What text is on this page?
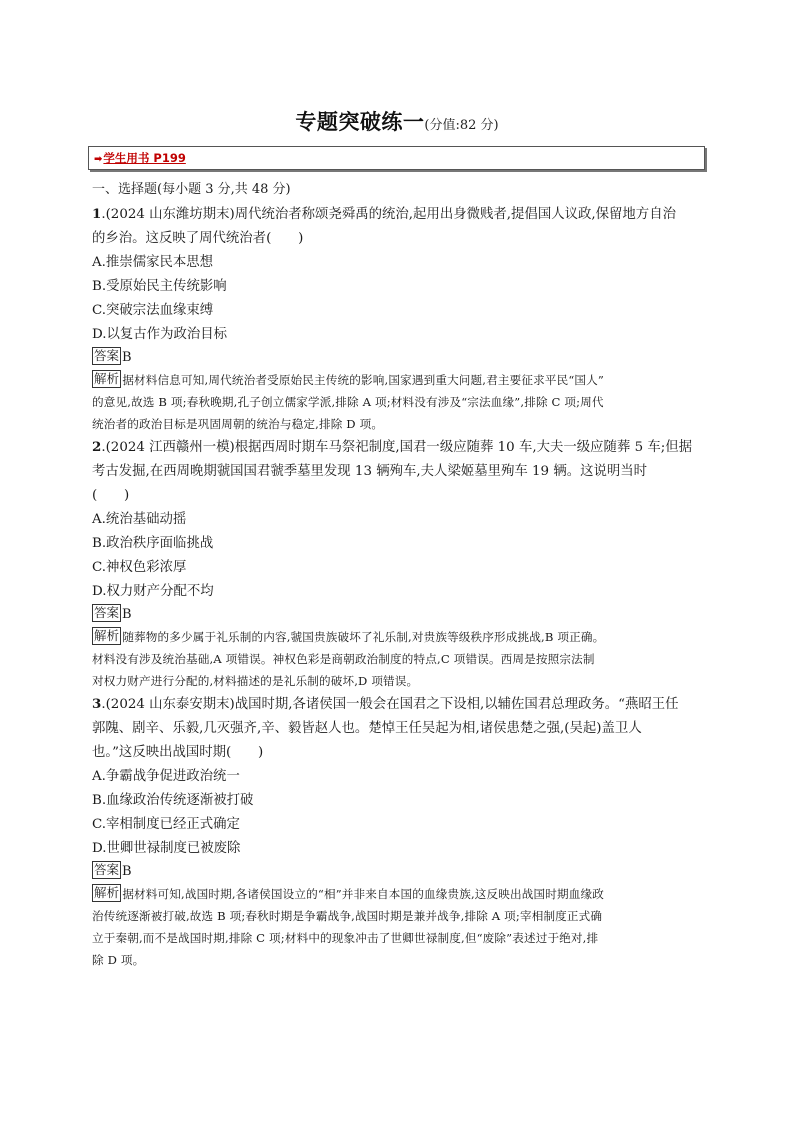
专题突破练一(分值:82 分)
➡学生用书 P199
一、选择题(每小题 3 分,共 48 分)
1.(2024 山东潍坊期末)周代统治者称颂尧舜禹的统治,起用出身微贱者,提倡国人议政,保留地方自治
的乡治。这反映了周代统治者(　　)
A.推崇儒家民本思想
B.受原始民主传统影响
C.突破宗法血缘束缚
D.以复古作为政治目标
答案 B
解析 据材料信息可知,周代统治者受原始民主传统的影响,国家遇到重大问题,君主要征求平民“国人”
的意见,故选 B 项;春秋晚期,孔子创立儒家学派,排除 A 项;材料没有涉及“宗法血缘”,排除 C 项;周代
统治者的政治目标是巩固周朝的统治与稳定,排除 D 项。
2.(2024 江西赣州一模)根据西周时期车马祭祀制度,国君一级应随葬 10 车,大夫一级应随葬 5 车;但据
考古发掘,在西周晚期虢国国君虢季墓里发现 13 辆殉车,夫人梁姬墓里殉车 19 辆。这说明当时
(　　)
A.统治基础动摇
B.政治秩序面临挑战
C.神权色彩浓厚
D.权力财产分配不均
答案 B
解析 随葬物的多少属于礼乐制的内容,虢国贵族破坏了礼乐制,对贵族等级秩序形成挑战,B 项正确。
材料没有涉及统治基础,A 项错误。神权色彩是商朝政治制度的特点,C 项错误。西周是按照宗法制
对权力财产进行分配的,材料描述的是礼乐制的破坏,D 项错误。
3.(2024 山东泰安期末)战国时期,各诸侯国一般会在国君之下设相,以辅佐国君总理政务。“燕昭王任
郭隗、剧辛、乐毅,几灭强齐,辛、毅皆赵人也。楚悼王任吴起为相,诸侯患楚之强,(吴起)盖卫人
也。”这反映出战国时期(　　)
A.争霸战争促进政治统一
B.血缘政治传统逐渐被打破
C.宰相制度已经正式确定
D.世卿世禄制度已被废除
答案 B
解析 据材料可知,战国时期,各诸侯国设立的“相”并非来自本国的血缘贵族,这反映出战国时期血缘政
治传统逐渐被打破,故选 B 项;春秋时期是争霸战争,战国时期是兼并战争,排除 A 项;宰相制度正式确
立于秦朝,而不是战国时期,排除 C 项;材料中的现象冲击了世卿世禄制度,但“废除”表述过于绝对,排
除 D 项。
